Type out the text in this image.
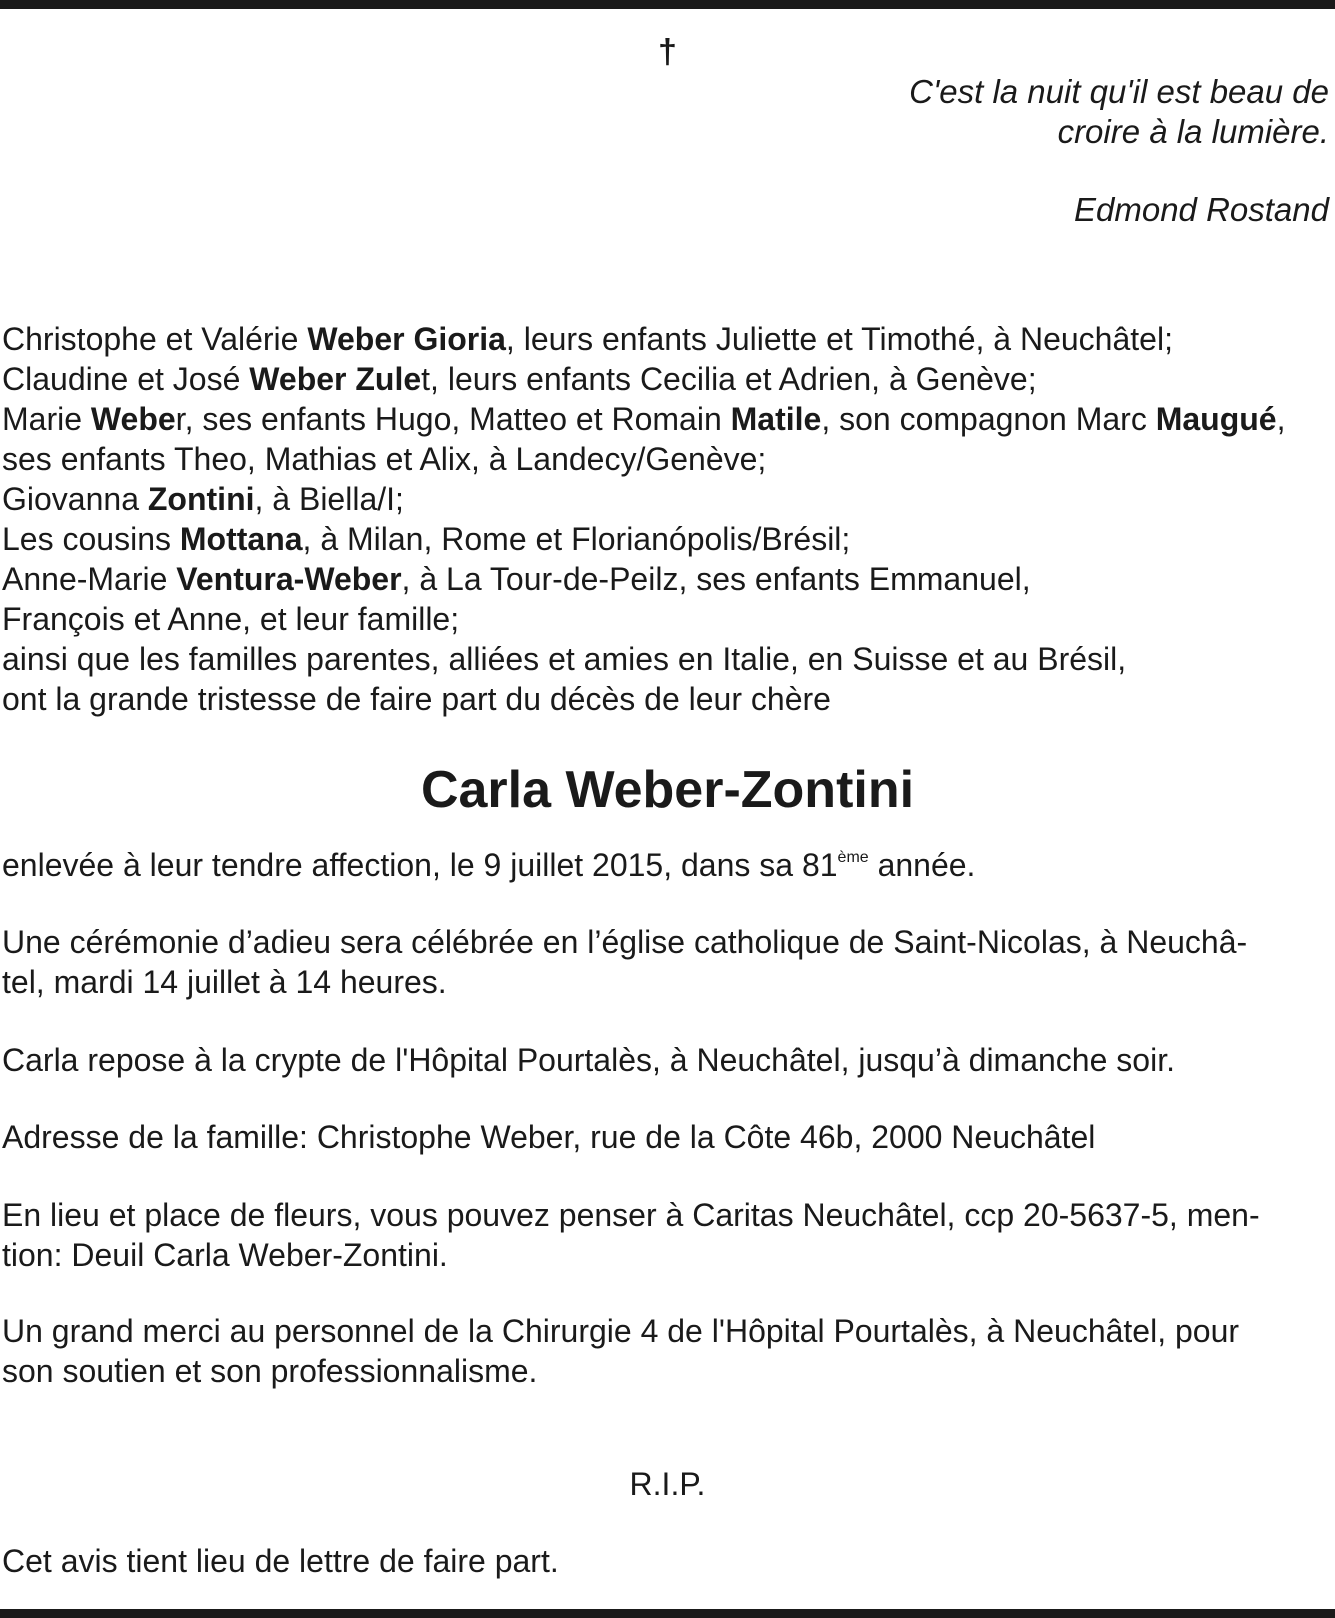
†
C'est la nuit qu'il est beau de
croire à la lumière.
Edmond Rostand
Christophe et Valérie Weber Gioria, leurs enfants Juliette et Timothé, à Neuchâtel;
Claudine et José Weber Zulet, leurs enfants Cecilia et Adrien, à Genève;
Marie Weber, ses enfants Hugo, Matteo et Romain Matile, son compagnon Marc Maugué,
ses enfants Theo, Mathias et Alix, à Landecy/Genève;
Giovanna Zontini, à Biella/I;
Les cousins Mottana, à Milan, Rome et Florianópolis/Brésil;
Anne-Marie Ventura-Weber, à La Tour-de-Peilz, ses enfants Emmanuel,
François et Anne, et leur famille;
ainsi que les familles parentes, alliées et amies en Italie, en Suisse et au Brésil,
ont la grande tristesse de faire part du décès de leur chère
Carla Weber-Zontini
enlevée à leur tendre affection, le 9 juillet 2015, dans sa 81ème année.
Une cérémonie d’adieu sera célébrée en l’église catholique de Saint-Nicolas, à Neuchâ-
tel, mardi 14 juillet à 14 heures.
Carla repose à la crypte de l'Hôpital Pourtalès, à Neuchâtel, jusqu’à dimanche soir.
Adresse de la famille: Christophe Weber, rue de la Côte 46b, 2000 Neuchâtel
En lieu et place de fleurs, vous pouvez penser à Caritas Neuchâtel, ccp 20-5637-5, men-
tion: Deuil Carla Weber-Zontini.
Un grand merci au personnel de la Chirurgie 4 de l'Hôpital Pourtalès, à Neuchâtel, pour
son soutien et son professionnalisme.
R.I.P.
Cet avis tient lieu de lettre de faire part.
